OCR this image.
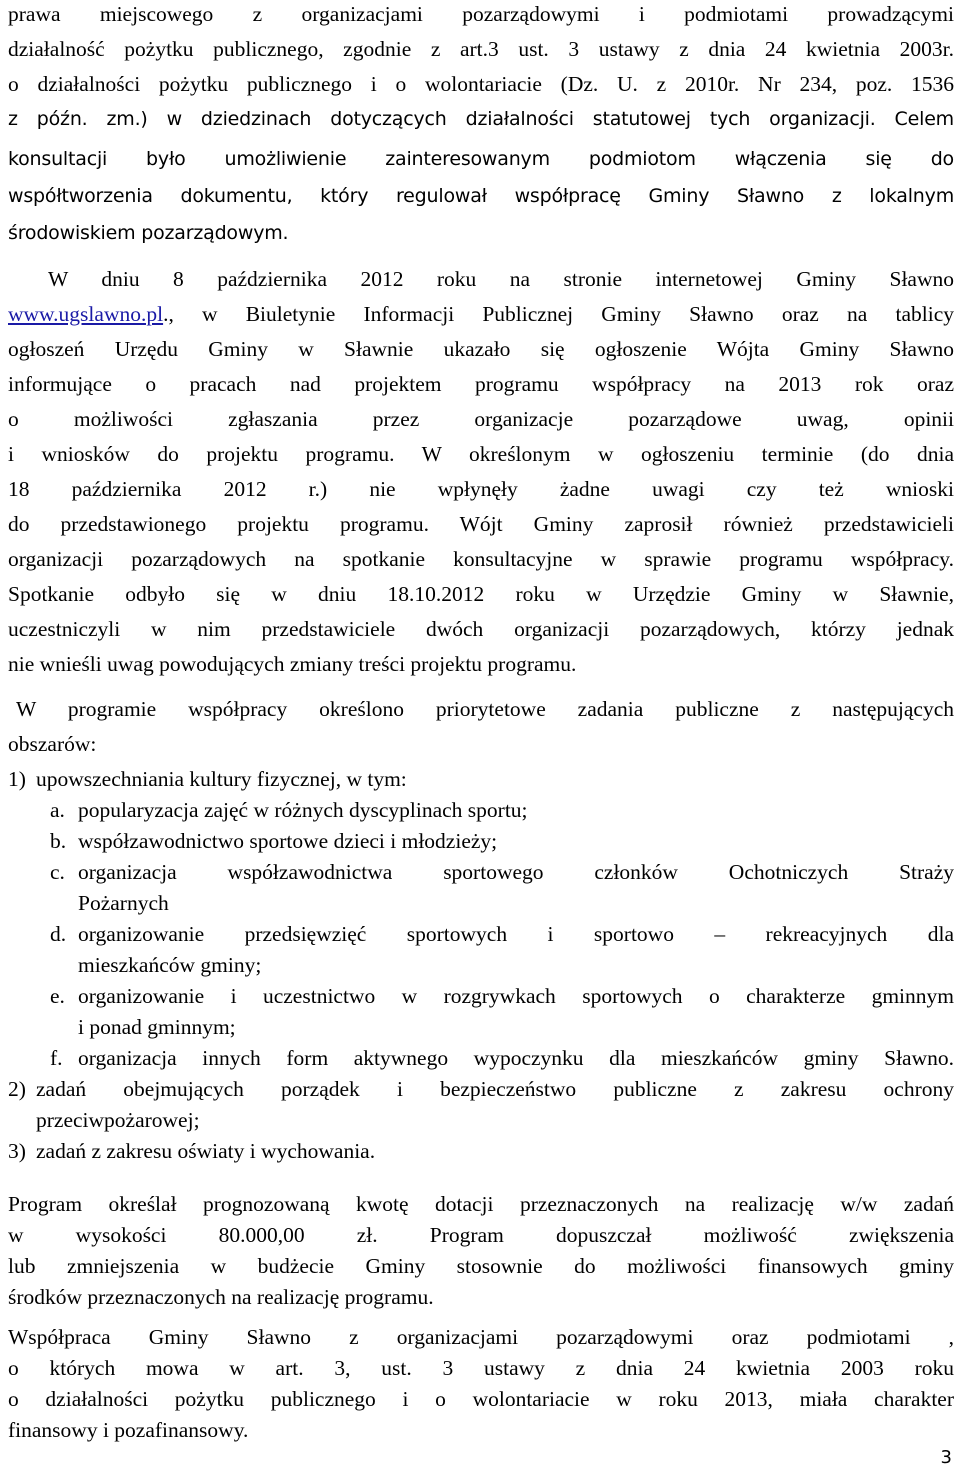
prawa miejscowego z organizacjami pozarządowymi i podmiotami prowadzącymi
działalność pożytku publicznego, zgodnie z art.3 ust. 3 ustawy z dnia 24 kwietnia 2003r.
o działalności pożytku publicznego i o wolontariacie (Dz. U. z 2010r. Nr 234, poz. 1536
z późn. zm.) w dziedzinach dotyczących działalności statutowej tych organizacji. Celem
konsultacji było umożliwienie zainteresowanym podmiotom włączenia się do
współtworzenia dokumentu, który regulował współpracę Gminy Sławno z lokalnym
środowiskiem pozarządowym.
W dniu 8 października 2012 roku na stronie internetowej Gminy Sławno
www.ugslawno.pl ., w Biuletynie Informacji Publicznej Gminy Sławno oraz na tablicy
ogłoszeń Urzędu Gminy w Sławnie ukazało się ogłoszenie Wójta Gminy Sławno
informujące o pracach nad projektem programu współpracy na 2013 rok oraz
o możliwości zgłaszania przez organizacje pozarządowe uwag, opinii
i wniosków do projektu programu. W określonym w ogłoszeniu terminie (do dnia
18 października 2012 r.) nie wpłynęły żadne uwagi czy też wnioski
do przedstawionego projektu programu. Wójt Gminy zaprosił również przedstawicieli
organizacji pozarządowych na spotkanie konsultacyjne w sprawie programu współpracy.
Spotkanie odbyło się w dniu 18.10.2012 roku w Urzędzie Gminy w Sławnie,
uczestniczyli w nim przedstawiciele dwóch organizacji pozarządowych, którzy jednak
nie wnieśli uwag powodujących zmiany treści projektu programu.
W programie współpracy określono priorytetowe zadania publiczne z następujących
obszarów:
1) upowszechniania kultury fizycznej, w tym:
a. popularyzacja zajęć w różnych dyscyplinach sportu;
b. współzawodnictwo sportowe dzieci i młodzieży;
c. organizacja współzawodnictwa sportowego członków Ochotniczych Straży
Pożarnych
d. organizowanie przedsięwzięć sportowych i sportowo – rekreacyjnych dla
mieszkańców gminy;
e. organizowanie i uczestnictwo w rozgrywkach sportowych o charakterze gminnym
i ponad gminnym;
f. organizacja innych form aktywnego wypoczynku dla mieszkańców gminy Sławno.
2) zadań obejmujących porządek i bezpieczeństwo publiczne z zakresu ochrony
przeciwpożarowej;
3) zadań z zakresu oświaty i wychowania.
Program określał prognozowaną kwotę dotacji przeznaczonych na realizację w/w zadań
w wysokości 80.000,00 zł. Program dopuszczał możliwość zwiększenia
lub zmniejszenia w budżecie Gminy stosownie do możliwości finansowych gminy
środków przeznaczonych na realizację programu.
Współpraca Gminy Sławno z organizacjami pozarządowymi oraz podmiotami ,
o których mowa w art. 3, ust. 3 ustawy z dnia 24 kwietnia 2003 roku
o działalności pożytku publicznego i o wolontariacie w roku 2013, miała charakter
finansowy i pozafinansowy.
3
